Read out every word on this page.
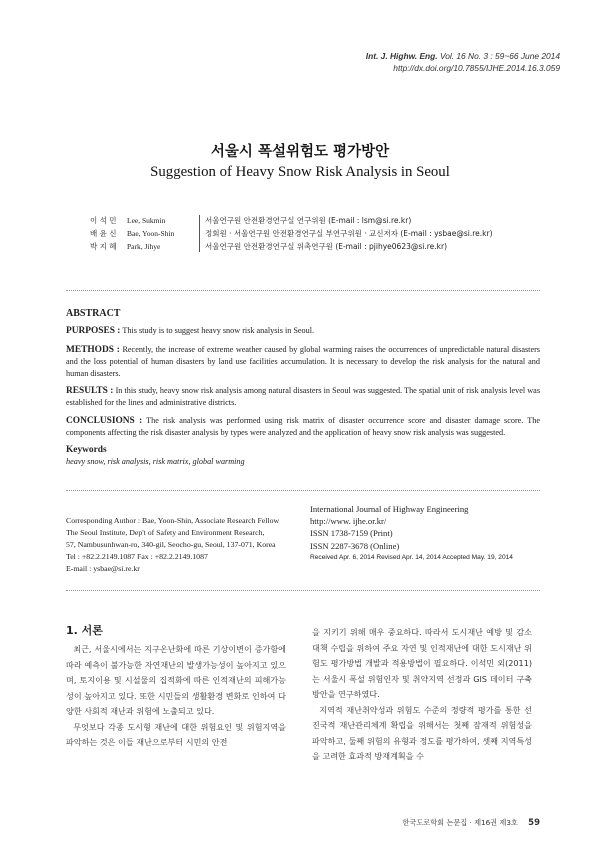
Int. J. Highw. Eng. Vol. 16 No. 3 : 59~66 June 2014
http://dx.doi.org/10.7855/IJHE.2014.16.3.059
서울시 폭설위험도 평가방안
Suggestion of Heavy Snow Risk Analysis in Seoul
이 석 민	Lee, Sukmin	서울연구원 안전환경연구실 연구위원 (E-mail : lsm@si.re.kr)
배 윤 신	Bae, Yoon-Shin	정회원 · 서울연구원 안전환경연구실 부연구위원 · 교신저자 (E-mail : ysbae@si.re.kr)
박 지 혜	Park, Jihye	서울연구원 안전환경연구실 위촉연구원 (E-mail : pjihye0623@si.re.kr)
ABSTRACT

PURPOSES : This study is to suggest heavy snow risk analysis in Seoul.

METHODS : Recently, the increase of extreme weather caused by global warming raises the occurrences of unpredictable natural disasters and the loss potential of human disasters by land use facilities accumulation. It is necessary to develop the risk analysis for the natural and human disasters.

RESULTS : In this study, heavy snow risk analysis among natural disasters in Seoul was suggested. The spatial unit of risk analysis level was established for the lines and administrative districts.

CONCLUSIONS : The risk analysis was performed using risk matrix of disaster occurrence score and disaster damage score. The components affecting the risk disaster analysis by types were analyzed and the application of heavy snow risk analysis was suggested.

Keywords
heavy snow, risk analysis, risk matrix, global warming
Corresponding Author : Bae, Yoon-Shin, Associate Research Fellow
The Seoul Institute, Dep't of Safety and Environment Research,
57, Nambusunhwan-ro, 340-gil, Seocho-gu, Seoul, 137-071, Korea
Tel : +82.2.2149.1087 Fax : +82.2.2149.1087
E-mail : ysbae@si.re.kr
International Journal of Highway Engineering
http://www. ijhe.or.kr/
ISSN 1738-7159 (Print)
ISSN 2287-3678 (Online)
Received Apr. 6, 2014 Revised Apr. 14, 2014 Accepted May. 19, 2014
1. 서론

최근, 서울시에서는 지구온난화에 따른 기상이변이 증가함에 따라 예측이 불가능한 자연재난의 발생가능성이 높아지고 있으며, 토지이용 및 시설물의 집적화에 따른 인적재난의 피해가능성이 높아지고 있다. 또한 시민들의 생활환경 변화로 인하여 다양한 사회적 재난과 위험에 노출되고 있다.

무엇보다 각종 도시형 재난에 대한 위험요인 및 위험지역을 파악하는 것은 이들 재난으로부터 시민의 안전

을 지키기 위해 매우 중요하다. 따라서 도시재난 예방 및 감소대책 수립을 위하여 주요 자연 및 인적재난에 대한 도시재난 위험도 평가방법 개발과 적용방법이 필요하다. 이석민 외(2011)는 서울시 폭설 위험인자 및 취약지역 선정과 GIS 데이터 구축방안을 연구하였다.

지역적 재난취약성과 위험도 수준의 정량적 평가를 통한 선진국적 재난관리체계 확립을 위해서는 첫째 잠재적 위험성을 파악하고, 둘째 위험의 유형과 정도를 평가하여, 셋째 지역특성을 고려한 효과적 방재계획을 수

한국도로학회 논문집 · 제16권 제3호 59
